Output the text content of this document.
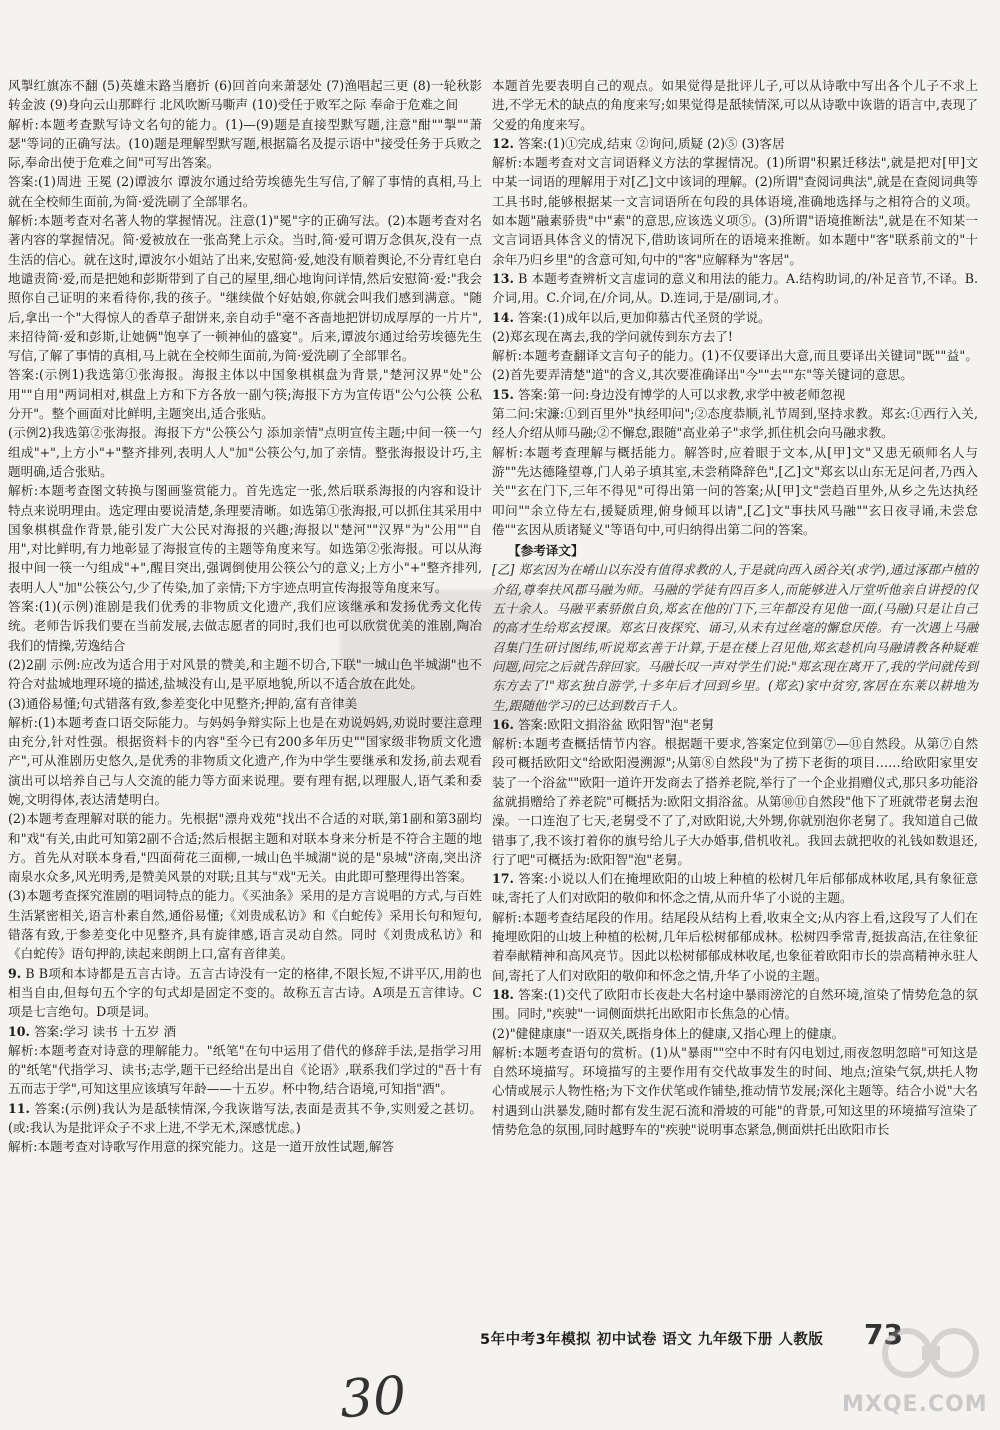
风掣红旗冻不翻 (5)英雄末路当磨折 (6)回首向来萧瑟处 (7)渔唱起三更 (8)一轮秋影转金波 (9)身向云山那畔行 北风吹断马嘶声 (10)受任于败军之际 奉命于危难之间

解析:本题考查默写诗文名句的能力。(1)—(9)题是直接型默写题,注意"酣""掣""萧瑟"等词的正确写法。(10)题是理解型默写题,根据篇名及提示语中"接受任务于兵败之际,奉命出使于危难之间"可写出答案。

答案:(1)周进 王冕 (2)谭波尔 谭波尔通过给劳埃德先生写信,了解了事情的真相,马上就在全校师生面前,为简·爱洗刷了全部罪名。

解析:本题考查对名著人物的掌握情况。注意(1)"冕"字的正确写法。(2)本题考查对名著内容的掌握情况。简·爱被放在一张高凳上示众。当时,简·爱可谓万念俱灰,没有一点生活的信心。就在这时,谭波尔小姐站了出来,安慰简·爱,她没有顺着舆论,不分青红皂白地谴责简·爱,而是把她和彭斯带到了自己的屋里,细心地询问详情,然后安慰简·爱:"我会照你自己证明的来看待你,我的孩子。"继续做个好姑娘,你就会叫我们感到满意。"随后,拿出一个"大得惊人的香草子甜饼来,亲自动手"毫不吝啬地把饼切成厚厚的一片片",来招待简·爱和彭斯,让她俩"饱享了一顿神仙的盛宴"。后来,谭波尔通过给劳埃德先生写信,了解了事情的真相,马上就在全校师生面前,为简·爱洗刷了全部罪名。

答案:(示例1)我选第①张海报。海报主体以中国象棋棋盘为背景,"楚河汉界"处"公用""自用"两词相对,棋盘上方和下方各放一副勺筷;海报下方为宣传语"公勺公筷 公私分开"。整个画面对比鲜明,主题突出,适合张贴。

(示例2)我选第②张海报。海报下方"公筷公勺 添加亲情"点明宣传主题;中间一筷一勺组成"+",上方小"+"整齐排列,表明人人"加"公筷公勺,加了亲情。整张海报设计巧,主题明确,适合张贴。

解析:本题考查图文转换与图画鉴赏能力。首先选定一张,然后联系海报的内容和设计特点来说明理由。选定理由要说清楚,条理要清晰。如选第①张海报,可以抓住其采用中国象棋棋盘作背景,能引发广大公民对海报的兴趣;海报以"楚河""汉界"为"公用""自用",对比鲜明,有力地彰显了海报宣传的主题等角度来写。如选第②张海报。可以从海报中间一筷一勺组成"+",醒目突出,强调倒使用公筷公勺的意义;上方小"+"整齐排列,表明人人"加"公筷公勺,少了传染,加了亲情;下方宇迹点明宣传海报等角度来写。

答案:(1)(示例)淮剧是我们优秀的非物质文化遗产,我们应该继承和发扬优秀文化传统。老师告诉我们要在当前发展,去做志愿者的同时,我们也可以欣赏优美的淮剧,陶冶我们的情操,劳逸结合

(2)2副 示例:应改为适合用于对风景的赞美,和主题不切合,下联"一城山色半城湖"也不符合对盐城地理环境的描述,盐城没有山,是平原地貌,所以不适合放在此处。

(3)通俗易懂;句式错落有致,参差变化中见整齐;押韵,富有音律美

解析:(1)本题考查口语交际能力。与妈妈争辩实际上也是在劝说妈妈,劝说时要注意理由充分,针对性强。根据资料卡的内容"至今已有200多年历史""国家级非物质文化遗产",可从淮剧历史悠久,是优秀的非物质文化遗产,作为中学生要继承和发扬,前去观看演出可以培养自己与人交流的能力等方面来说理。要有理有据,以理服人,语气柔和委婉,文明得体,表达清楚明白。

(2)本题考查理解对联的能力。先根据"漂舟戏苑"找出不合适的对联,第1副和第3副均和"戏"有关,由此可知第2副不合适;然后根据主题和对联本身来分析是不符合主题的地方。首先从对联本身看,"四面荷花三面柳,一城山色半城湖"说的是"泉城"济南,突出济南泉水众多,风光明秀,是赞美风景的对联;且其与"戏"无关。由此即可整理得出答案。

(3)本题考查探究淮剧的唱词特点的能力。《买油条》采用的是方言说唱的方式,与百姓生活紧密相关,语言朴素自然,通俗易懂;《刘贵成私访》和《白蛇传》采用长句和短句,错落有致,于参差变化中见整齐,具有旋律感,语言灵动自然。同时《刘贵成私访》和《白蛇传》语句押韵,读起来朗朗上口,富有音律美。

9. B B项和本诗都是五言古诗。五言古诗没有一定的格律,不限长短,不讲平仄,用韵也相当自由,但每句五个字的句式却是固定不变的。故称五言古诗。A项是五言律诗。C项是七言绝句。D项是词。

10. 答案:学习 读书 十五岁 酒

解析:本题考查对诗意的理解能力。"纸笔"在句中运用了借代的修辞手法,是指学习用的"纸笔"代指学习、读书;志学,题干已经给出是出自《论语》,联系我们学过的"吾十有五而志于学",可知这里应该填写年龄——十五岁。杯中物,结合语境,可知指"酒"。

11. 答案:(示例)我认为是舐犊情深,今我诙谐写法,表面是责其不争,实则爱之甚切。(或:我认为是批评众子不求上进,不学无术,深感忧虑。)

解析:本题考查对诗歌写作用意的探究能力。这是一道开放性试题,解答

本题首先要表明自己的观点。如果觉得是批评儿子,可以从诗歌中写出各个儿子不求上进,不学无术的缺点的角度来写;如果觉得是舐犊情深,可以从诗歌中诙谐的语言中,表现了父爱的角度来写。

12. 答案:(1)①完成,结束 ②询问,质疑 (2)⑤ (3)客居

解析:本题考查对文言词语释义方法的掌握情况。(1)所谓"积累迁移法",就是把对[甲]文中某一词语的理解用于对[乙]文中该词的理解。(2)所谓"查阅词典法",就是在查阅词典等工具书时,能够根据某一文言词语所在句段的具体语境,准确地选择与之相符合的义项。如本题"融素骄贵"中"素"的意思,应该选义项⑤。(3)所谓"语境推断法",就是在不知某一文言词语具体含义的情况下,借助该词所在的语境来推断。如本题中"客"联系前文的"十余年乃归乡里"的含意可知,句中的"客"应解释为"客居"。

13. B 本题考查辨析文言虚词的意义和用法的能力。A.结构助词,的/补足音节,不译。B.介词,用。C.介词,在/介词,从。D.连词,于是/副词,才。

14. 答案:(1)成年以后,更加仰慕古代圣贤的学说。

(2)郑玄现在离去,我的学问就传到东方去了!

解析:本题考查翻译文言句子的能力。(1)不仅要译出大意,而且要译出关键词"既""益"。(2)首先要弄清楚"道"的含义,其次要准确译出"今""去""东"等关键词的意思。

15. 答案:第一问:身边没有博学的人可以求教,求学中被老师忽视

第二问:宋濂:①到百里外"执经叩问";②态度恭顺,礼节周到,坚持求教。郑玄:①西行入关,经人介绍从师马融;②不懈怠,跟随"高业弟子"求学,抓住机会向马融求教。

解析:本题考查理解与概括能力。解答时,应着眼于文本,从[甲]文"又患无硕师名人与游""先达德隆望尊,门人弟子填其室,未尝稍降辞色",[乙]文"郑玄以山东无足问者,乃西入关""玄在门下,三年不得见"可得出第一问的答案;从[甲]文"尝趋百里外,从乡之先达执经叩问""余立侍左右,援疑质理,俯身倾耳以请",[乙]文"事扶风马融""玄日夜寻诵,未尝怠倦""玄因从质诸疑义"等语句中,可归纳得出第二问的答案。

【参考译文】

[乙] 郑玄因为在崤山以东没有值得求教的人,于是就向西入函谷关(求学),通过涿郡卢植的介绍,尊奉扶风郡马融为师。马融的学徒有四百多人,而能够进入厅堂听他亲自讲授的仅五十余人。马融平素骄傲自负,郑玄在他的门下,三年都没有见他一面,(马融)只是让自己的高才生给郑玄授课。郑玄日夜探究、诵习,从未有过丝毫的懈怠厌倦。有一次遇上马融召集门生研讨图纬,听说郑玄善于计算,于是在楼上召见他,郑玄趁机向马融请教各种疑难问题,问完之后就告辞回家。马融长叹一声对学生们说:"郑玄现在离开了,我的学问就传到东方去了!"郑玄独自游学,十多年后才回到乡里。(郑玄)家中贫穷,客居在东莱以耕地为生,跟随他学习的已达到数百千人。

16. 答案:欧阳文捐浴盆 欧阳智"泡"老舅

解析:本题考查概括情节内容。根据题干要求,答案定位到第⑦—⑪自然段。从第⑦自然段可概括欧阳文"给欧阳漫溯源";从第⑧自然段"为了捞下老街的项目……给欧阳家里安装了一个浴盆""欧阳一道许开发商去了搭养老院,举行了一个企业捐赠仪式,那只多功能浴盆就捐赠给了养老院"可概括为:欧阳文捐浴盆。从第⑩⑪自然段"他下了班就带老舅去泡澡。一口连泡了七天,老舅受不了了,对欧阳说,大外甥,你就别泡你老舅了。我知道自己做错事了,我不该打着你的旗号给儿子大办婚事,借机收礼。我回去就把收的礼钱如数退还,行了吧"可概括为:欧阳智"泡"老舅。

17. 答案:小说以人们在掩埋欧阳的山坡上种植的松树几年后郁郁成林收尾,具有象征意味,寄托了人们对欧阳的敬仰和怀念之情,从而升华了小说的主题。

解析:本题考查结尾段的作用。结尾段从结构上看,收束全文;从内容上看,这段写了人们在掩埋欧阳的山坡上种植的松树,几年后松树郁郁成林。松树四季常青,挺拔高洁,在往象征着奉献精神和高风亮节。因此以松树郁郁成林收尾,也象征着欧阳市长的崇高精神永驻人间,寄托了人们对欧阳的敬仰和怀念之情,升华了小说的主题。

18. 答案:(1)交代了欧阳市长夜赴大名村途中暴雨滂沱的自然环境,渲染了情势危急的氛围。同时,"疾驶"一词侧面烘托出欧阳市长焦急的心情。

(2)"健健康康"一语双关,既指身体上的健康,又指心理上的健康。

解析:本题考查语句的赏析。(1)从"暴雨""空中不时有闪电划过,雨夜忽明忽暗"可知这是自然环境描写。环境描写的主要作用有交代故事发生的时间、地点;渲染气氛,烘托人物心情或展示人物性格;为下文作伏笔或作铺垫,推动情节发展;深化主题等。结合小说"大名村遇到山洪暴发,随时都有发生泥石流和滑坡的可能"的背景,可知这里的环境描写渲染了情势危急的氛围,同时越野车的"疾驶"说明事态紧急,侧面烘托出欧阳市长

5年中考3年模拟 初中试卷 语文 九年级下册 人教版	73
30	MXQE.COM
